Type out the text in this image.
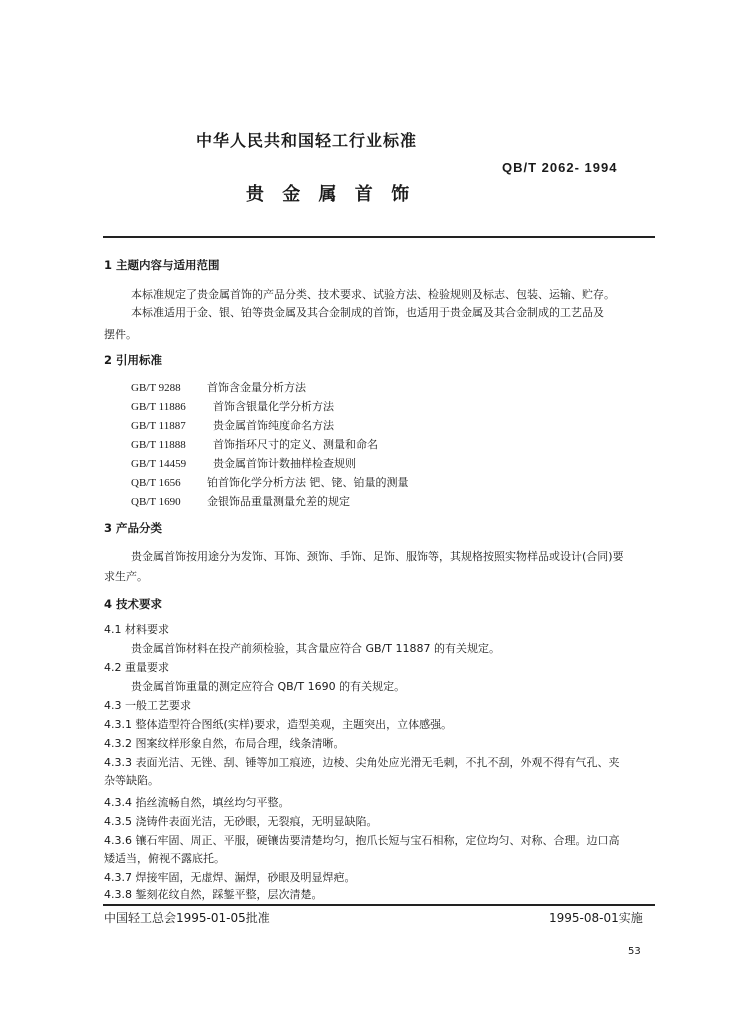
中华人民共和国轻工行业标准
QB/T 2062- 1994
贵 金 属 首 饰
1 主题内容与适用范围
本标准规定了贵金属首饰的产品分类、技术要求、试验方法、检验规则及标志、包装、运输、贮存。
本标准适用于金、银、铂等贵金属及其合金制成的首饰，也适用于贵金属及其合金制成的工艺品及
摆件。
2 引用标准
GB/T 9288 首饰含金量分析方法
GB/T 11886 首饰含银量化学分析方法
GB/T 11887 贵金属首饰纯度命名方法
GB/T 11888 首饰指环尺寸的定义、测量和命名
GB/T 14459 贵金属首饰计数抽样检查规则
QB/T 1656 铂首饰化学分析方法 钯、铑、铂量的测量
QB/T 1690 金银饰品重量测量允差的规定
3 产品分类
贵金属首饰按用途分为发饰、耳饰、颈饰、手饰、足饰、服饰等，其规格按照实物样品或设计(合同)要
求生产。
4 技术要求
4.1 材料要求
贵金属首饰材料在投产前须检验，其含量应符合 GB/T 11887 的有关规定。
4.2 重量要求
贵金属首饰重量的测定应符合 QB/T 1690 的有关规定。
4.3 一般工艺要求
4.3.1 整体造型符合图纸(实样)要求，造型美观，主题突出，立体感强。
4.3.2 图案纹样形象自然，布局合理，线条清晰。
4.3.3 表面光洁、无锉、刮、锤等加工痕迹，边棱、尖角处应光滑无毛刺，不扎不刮，外观不得有气孔、夹
杂等缺陷。
4.3.4 掐丝流畅自然，填丝均匀平整。
4.3.5 浇铸件表面光洁，无砂眼，无裂痕，无明显缺陷。
4.3.6 镶石牢固、周正、平服，硬镶齿要清楚均匀，抱爪长短与宝石相称，定位均匀、对称、合理。边口高
矮适当，俯视不露底托。
4.3.7 焊接牢固，无虚焊、漏焊，砂眼及明显焊疤。
4.3.8 錾刻花纹自然，踩錾平整，层次清楚。
中国轻工总会1995-01-05批准	1995-08-01实施
53
